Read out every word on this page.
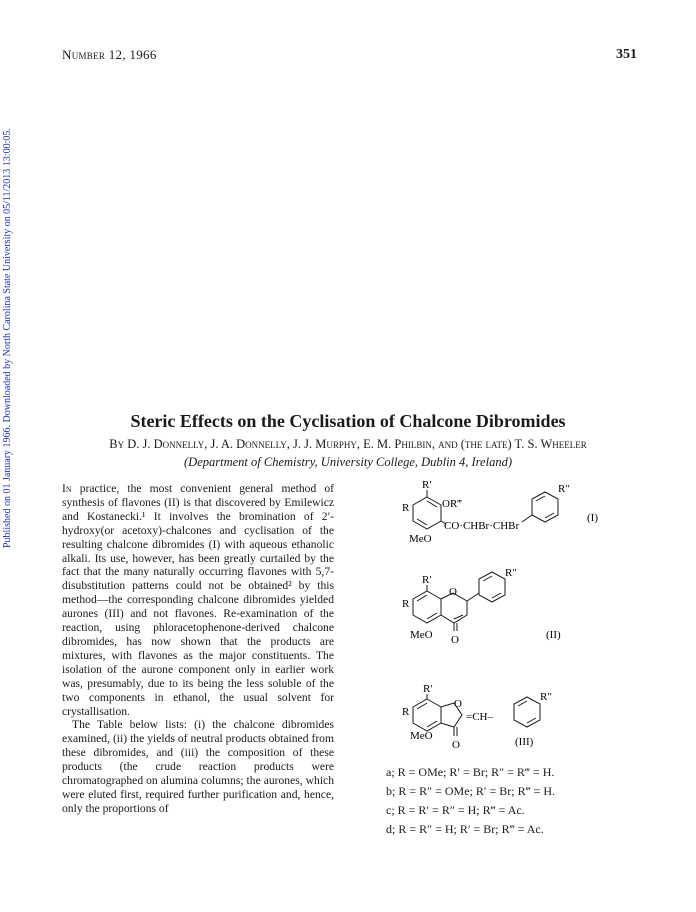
Number 12, 1966	351
Published on 01 January 1966. Downloaded by North Carolina State University on 05/11/2013 13:00:05.	Steric Effects on the Cyclisation of Chalcone Dibromides
By D. J. Donnelly, J. A. Donnelly, J. J. Murphy, E. M. Philbin, and (the late) T. S. Wheeler
(Department of Chemistry, University College, Dublin 4, Ireland)

In practice, the most convenient general method of synthesis of flavones (II) is that discovered by Emilewicz and Kostanecki.¹ It involves the bromination of 2′-hydroxy(or acetoxy)-chalcones and cyclisation of the resulting chalcone dibromides (I) with aqueous ethanolic alkali. Its use, however, has been greatly curtailed by the fact that the many naturally occurring flavones with 5,7-disubstitution patterns could not be obtained² by this method—the corresponding chalcone dibromides yielded aurones (III) and not flavones. Re-examination of the reaction, using phloracetophenone-derived chalcone dibromides, has now shown that the products are mixtures, with flavones as the major constituents. The isolation of the aurone component only in earlier work was, presumably, due to its being the less soluble of the two components in ethanol, the usual solvent for crystallisation.

The Table below lists: (i) the chalcone dibromides examined, (ii) the yields of neutral products obtained from these dibromides, and (iii) the composition of these products (the crude reaction products were chromatographed on alumina columns; the aurones, which were eluted first, required further purification and, hence, only the proportions of

R′
R	OR‴
CO·CHBr·CHBr
R″
MeO
(I)
R′
R
O
R″
MeO O	(II)
R′
R
O
=CH–
R″
MeO
O	(III)
a; R = OMe; R′ = Br; R″ = R‴ = H.
b; R = R″ = OMe; R′ = Br; R‴ = H.
c; R = R′ = R″ = H; R‴ = Ac.
d; R = R″ = H; R′ = Br; R‴ = Ac.
